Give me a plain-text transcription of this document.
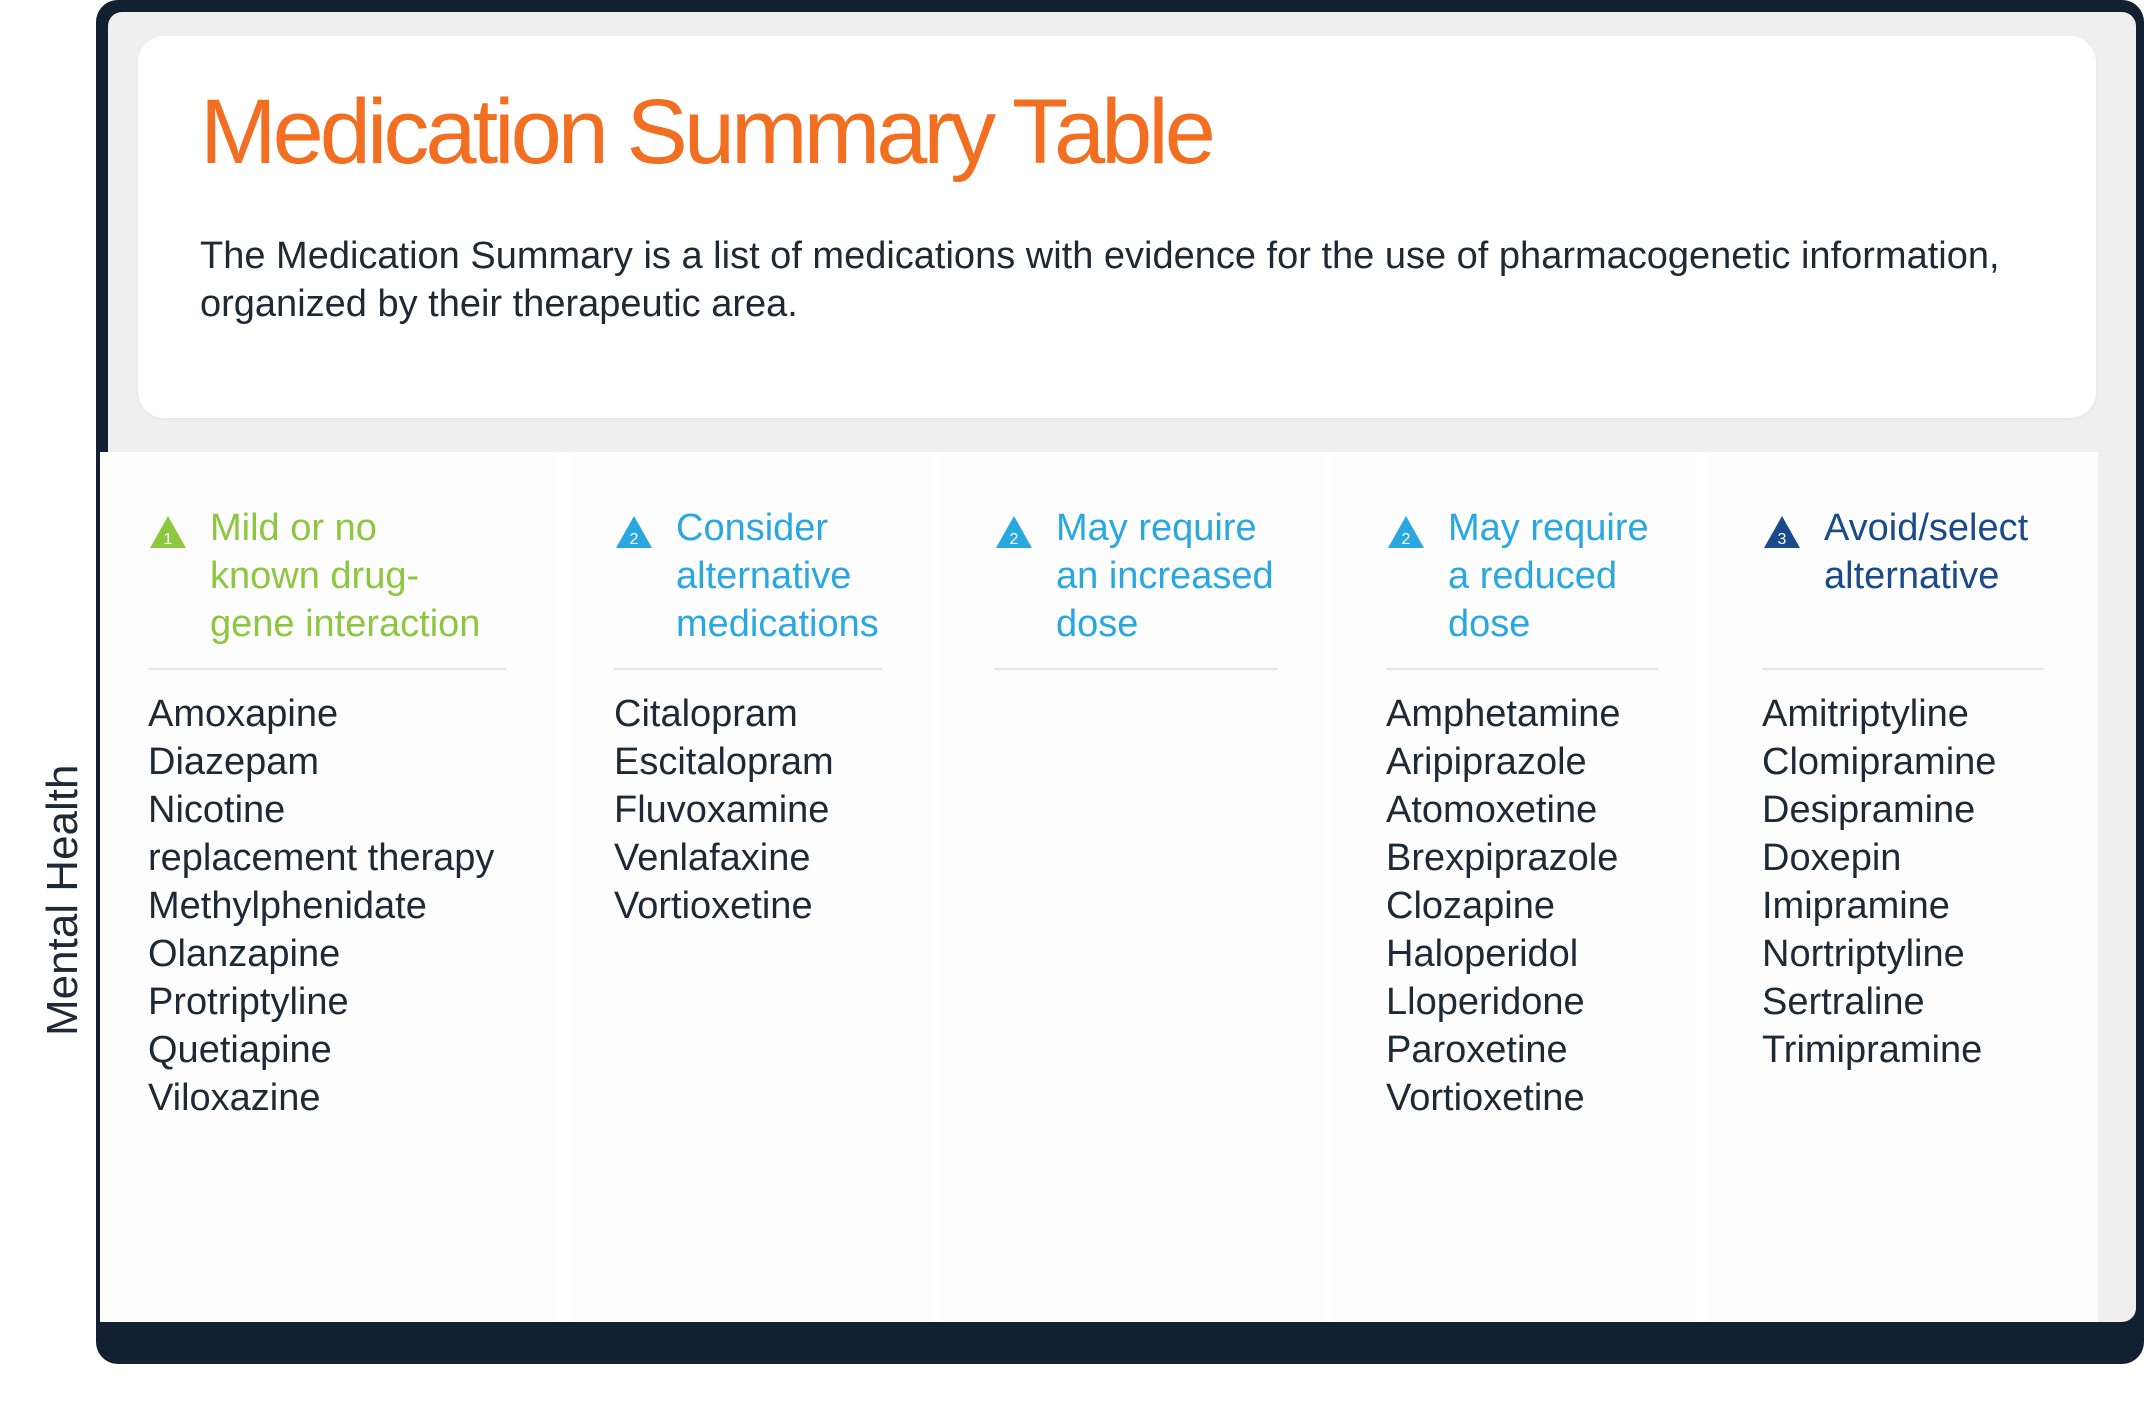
Medication Summary Table

The Medication Summary is a list of medications with evidence for the use of pharmacogenetic information, organized by their therapeutic area.

Mental Health
1 Mild or no
known drug-
gene interaction
Amoxapine
Diazepam
Nicotine
replacement therapy
Methylphenidate
Olanzapine
Protriptyline
Quetiapine
Viloxazine
2 Consider
alternative
medications
Citalopram
Escitalopram
Fluvoxamine
Venlafaxine
Vortioxetine
2 May require
an increased
dose
2 May require
a reduced
dose
Amphetamine
Aripiprazole
Atomoxetine
Brexpiprazole
Clozapine
Haloperidol
Lloperidone
Paroxetine
Vortioxetine
3 Avoid/select
alternative
Amitriptyline
Clomipramine
Desipramine
Doxepin
Imipramine
Nortriptyline
Sertraline
Trimipramine
